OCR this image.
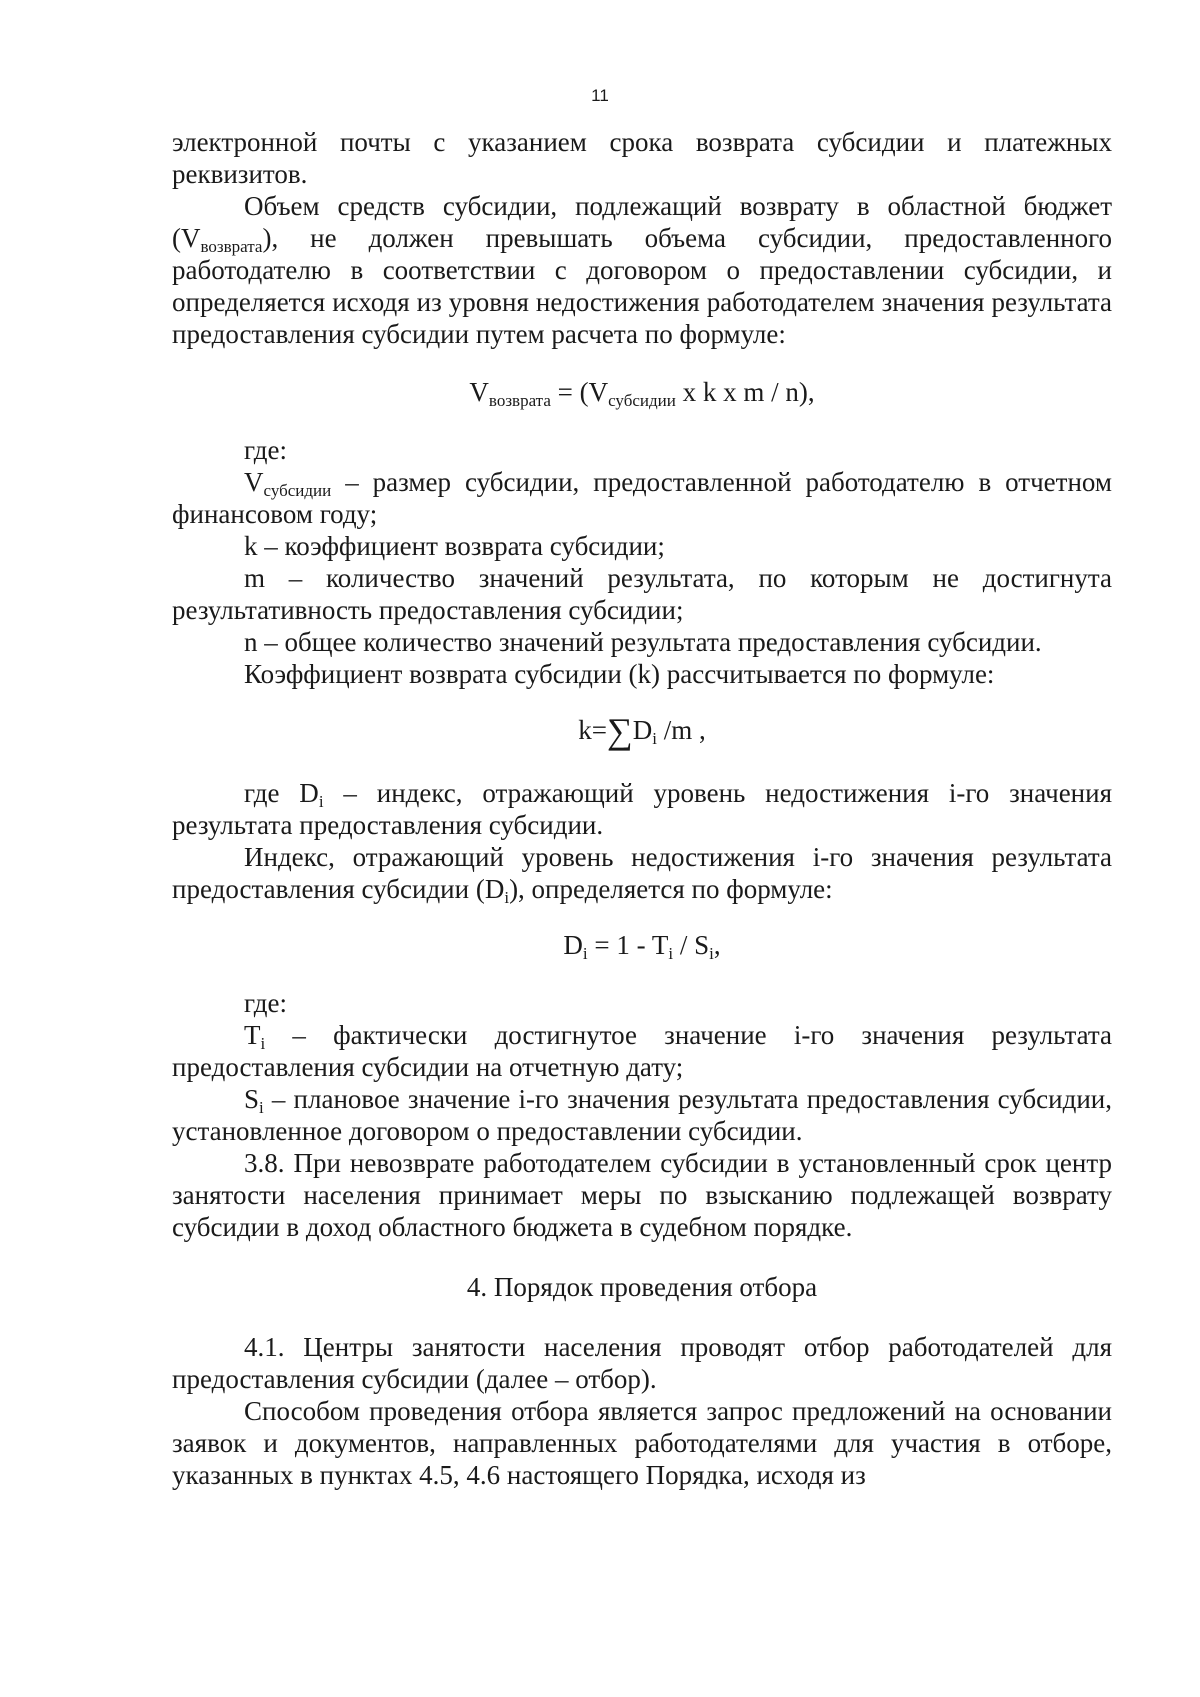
11

электронной почты с указанием срока возврата субсидии и платежных реквизитов.

Объем средств субсидии, подлежащий возврату в областной бюджет $(V_{возврата})$, не должен превышать объема субсидии, предоставленного работодателю в соответствии с договором о предоставлении субсидии, и определяется исходя из уровня недостижения работодателем значения результата предоставления субсидии путем расчета по формуле:

$V_{возврата} = (V_{субсидии}$ x k x m / n),

где:

$V_{субсидии}$ – размер субсидии, предоставленной работодателю в отчетном финансовом году;

k – коэффициент возврата субсидии;

m – количество значений результата, по которым не достигнута результативность предоставления субсидии;

n – общее количество значений результата предоставления субсидии.

Коэффициент возврата субсидии (k) рассчитывается по формуле:

$k=\sum D_i$ /m ,

где $D_i$ – индекс, отражающий уровень недостижения i-го значения результата предоставления субсидии.

Индекс, отражающий уровень недостижения i-го значения результата предоставления субсидии $(D_i)$, определяется по формуле:

$D_i = 1 - T_i / S_i$,

где:

$T_i$ – фактически достигнутое значение i-го значения результата предоставления субсидии на отчетную дату;

$S_i$ – плановое значение i-го значения результата предоставления субсидии, установленное договором о предоставлении субсидии.

3.8. При невозврате работодателем субсидии в установленный срок центр занятости населения принимает меры по взысканию подлежащей возврату субсидии в доход областного бюджета в судебном порядке.

4. Порядок проведения отбора

4.1. Центры занятости населения проводят отбор работодателей для предоставления субсидии (далее – отбор).

Способом проведения отбора является запрос предложений на основании заявок и документов, направленных работодателями для участия в отборе, указанных в пунктах 4.5, 4.6 настоящего Порядка, исходя из
